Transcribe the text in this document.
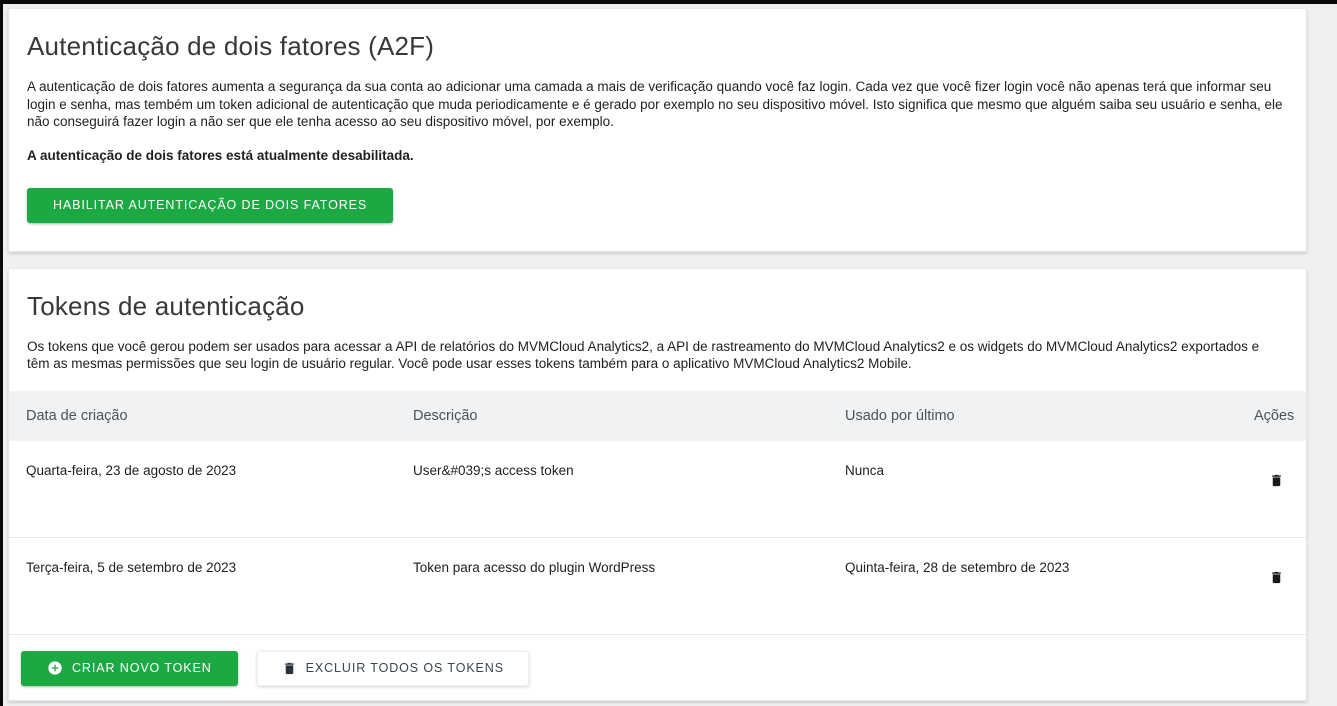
Autenticação de dois fatores (A2F)

A autenticação de dois fatores aumenta a segurança da sua conta ao adicionar uma camada a mais de verificação quando você faz login. Cada vez que você fizer login você não apenas terá que informar seu login e senha, mas tembém um token adicional de autenticação que muda periodicamente e é gerado por exemplo no seu dispositivo móvel. Isto significa que mesmo que alguém saiba seu usuário e senha, ele não conseguirá fazer login a não ser que ele tenha acesso ao seu dispositivo móvel, por exemplo.

A autenticação de dois fatores está atualmente desabilitada.

HABILITAR AUTENTICAÇÃO DE DOIS FATORES
Tokens de autenticação

Os tokens que você gerou podem ser usados para acessar a API de relatórios do MVMCloud Analytics2, a API de rastreamento do MVMCloud Analytics2 e os widgets do MVMCloud Analytics2 exportados e têm as mesmas permissões que seu login de usuário regular. Você pode usar esses tokens também para o aplicativo MVMCloud Analytics2 Mobile.

Data de criação	Descrição	Usado por último	Ações
Quarta-feira, 23 de agosto de 2023	User&#039;s access token	Nunca	

Terça-feira, 5 de setembro de 2023	Token para acesso do plugin WordPress	Quinta-feira, 28 de setembro de 2023	
CRIAR NOVO TOKEN	EXCLUIR TODOS OS TOKENS
